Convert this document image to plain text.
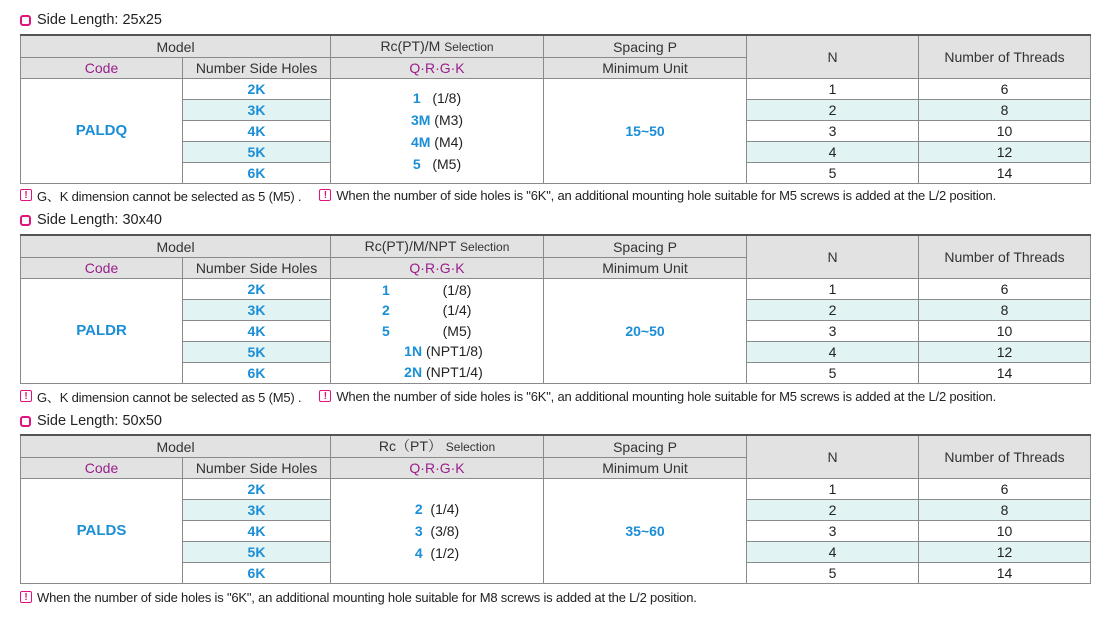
Side Length: 25x25
Model		Rc(PT)/M Selection	Spacing P	N	Number of Threads
Code	Number Side Holes	Q·R·G·K	Minimum Unit		
PALDQ	2K	1 (1/8)
3M (M3)
4M (M4)
5 (M5)	15~50	1	6
	3K			2	8
	4K			3	10
	5K			4	12
	6K			5	14
! G、K dimension cannot be selected as 5 (M5) .	! When the number of side holes is "6K", an additional mounting hole suitable for M5 screws is added at the L/2 position.
Side Length: 30x40
Model		Rc(PT)/M/NPT Selection	Spacing P	N	Number of Threads
Code	Number Side Holes	Q·R·G·K	Minimum Unit		
PALDR	2K	1 (1/8)
2 (1/4)
5 (M5)
1N (NPT1/8)
2N (NPT1/4)	20~50	1	6
	3K			2	8
	4K			3	10
	5K			4	12
	6K			5	14
! G、K dimension cannot be selected as 5 (M5) .	! When the number of side holes is "6K", an additional mounting hole suitable for M5 screws is added at the L/2 position.
Side Length: 50x50
Model		Rc（PT） Selection	Spacing P	N	Number of Threads
Code	Number Side Holes	Q·R·G·K	Minimum Unit		
PALDS	2K	2 (1/4)
3 (3/8)
4 (1/2)	35~60	1	6
	3K			2	8
	4K			3	10
	5K			4	12
	6K			5	14
! When the number of side holes is "6K", an additional mounting hole suitable for M8 screws is added at the L/2 position.
